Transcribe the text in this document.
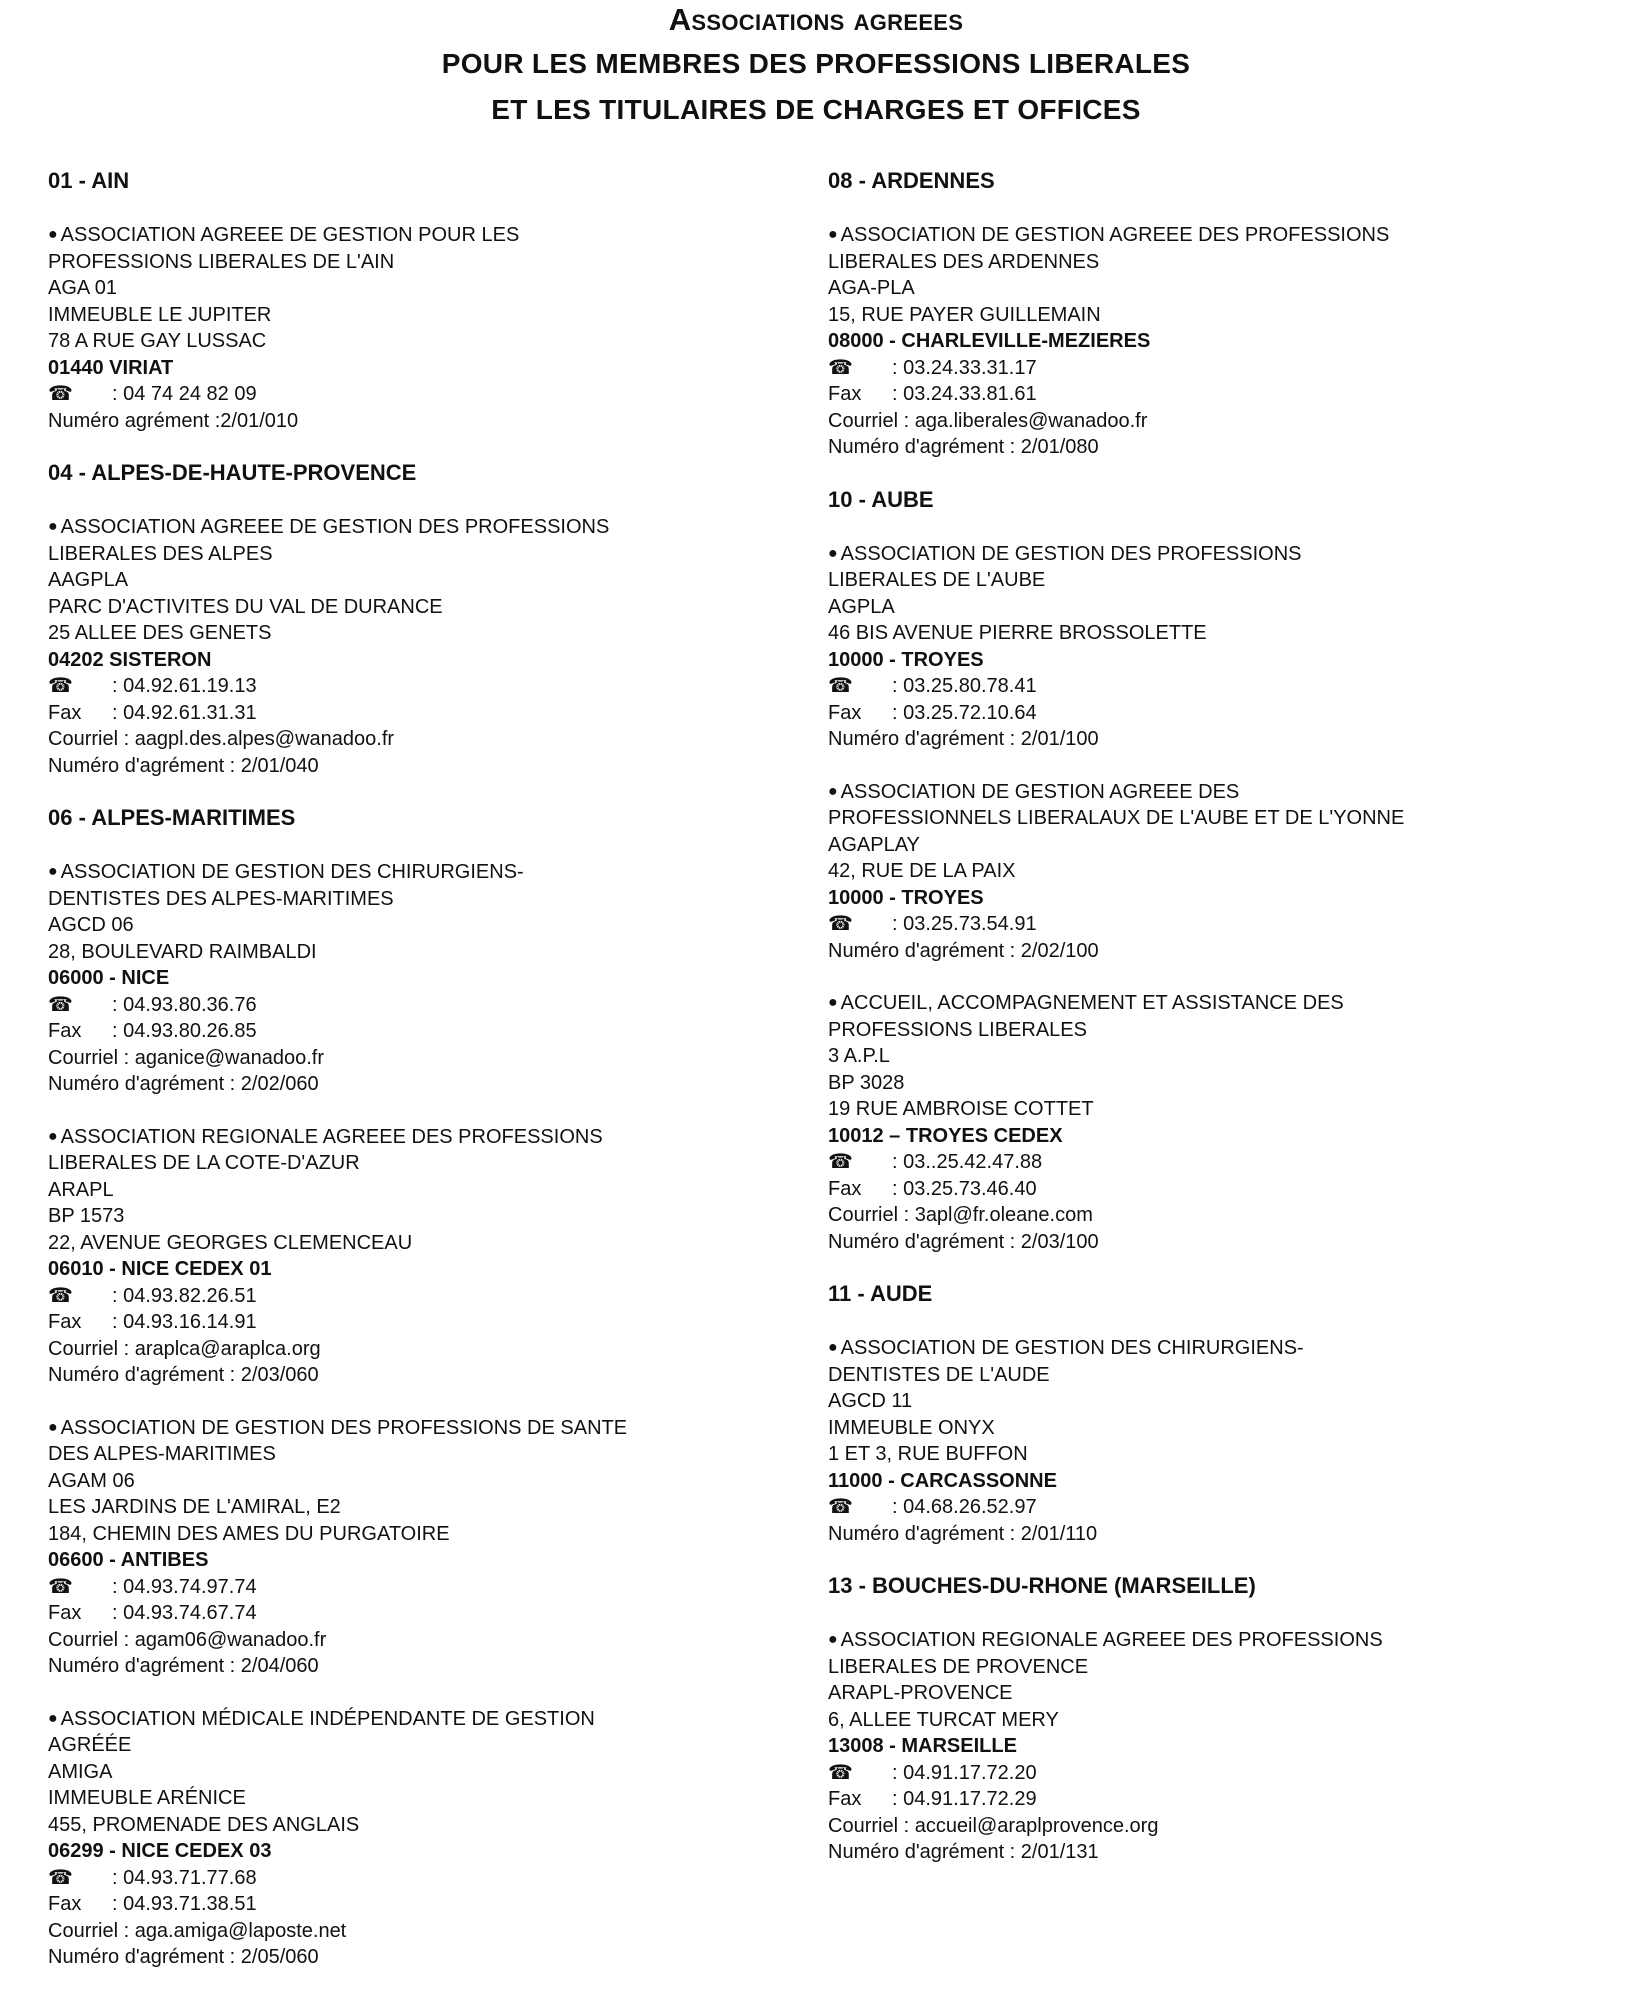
Associations agreees
POUR LES MEMBRES DES PROFESSIONS LIBERALES
ET LES TITULAIRES DE CHARGES ET OFFICES
01 - AIN
● ASSOCIATION AGREEE DE GESTION POUR LES
PROFESSIONS LIBERALES DE L'AIN
AGA 01
IMMEUBLE LE JUPITER
78 A RUE GAY LUSSAC
01440 VIRIAT
☎ : 04 74 24 82 09
Numéro agrément :2/01/010
04 - ALPES-DE-HAUTE-PROVENCE
● ASSOCIATION AGREEE DE GESTION DES PROFESSIONS
LIBERALES DES ALPES
AAGPLA
PARC D'ACTIVITES DU VAL DE DURANCE
25 ALLEE DES GENETS
04202 SISTERON
☎ : 04.92.61.19.13
Fax : 04.92.61.31.31
Courriel : aagpl.des.alpes@wanadoo.fr
Numéro d'agrément : 2/01/040
06 - ALPES-MARITIMES
● ASSOCIATION DE GESTION DES CHIRURGIENS-
DENTISTES DES ALPES-MARITIMES
AGCD 06
28, BOULEVARD RAIMBALDI
06000 - NICE
☎ : 04.93.80.36.76
Fax : 04.93.80.26.85
Courriel : aganice@wanadoo.fr
Numéro d'agrément : 2/02/060
● ASSOCIATION REGIONALE AGREEE DES PROFESSIONS
LIBERALES DE LA COTE-D'AZUR
ARAPL
BP 1573
22, AVENUE GEORGES CLEMENCEAU
06010 - NICE CEDEX 01
☎ : 04.93.82.26.51
Fax : 04.93.16.14.91
Courriel : araplca@araplca.org
Numéro d'agrément : 2/03/060
● ASSOCIATION DE GESTION DES PROFESSIONS DE SANTE
DES ALPES-MARITIMES
AGAM 06
LES JARDINS DE L'AMIRAL, E2
184, CHEMIN DES AMES DU PURGATOIRE
06600 - ANTIBES
☎ : 04.93.74.97.74
Fax : 04.93.74.67.74
Courriel : agam06@wanadoo.fr
Numéro d'agrément : 2/04/060
● ASSOCIATION MÉDICALE INDÉPENDANTE DE GESTION
AGRÉÉE
AMIGA
IMMEUBLE ARÉNICE
455, PROMENADE DES ANGLAIS
06299 - NICE CEDEX 03
☎ : 04.93.71.77.68
Fax : 04.93.71.38.51
Courriel : aga.amiga@laposte.net
Numéro d'agrément : 2/05/060
08 - ARDENNES
● ASSOCIATION DE GESTION AGREEE DES PROFESSIONS
LIBERALES DES ARDENNES
AGA-PLA
15, RUE PAYER GUILLEMAIN
08000 - CHARLEVILLE-MEZIERES
☎ : 03.24.33.31.17
Fax : 03.24.33.81.61
Courriel : aga.liberales@wanadoo.fr
Numéro d'agrément : 2/01/080
10 - AUBE
● ASSOCIATION DE GESTION DES PROFESSIONS
LIBERALES DE L'AUBE
AGPLA
46 BIS AVENUE PIERRE BROSSOLETTE
10000 - TROYES
☎ : 03.25.80.78.41
Fax : 03.25.72.10.64
Numéro d'agrément : 2/01/100
● ASSOCIATION DE GESTION AGREEE DES
PROFESSIONNELS LIBERALAUX DE L'AUBE ET DE L'YONNE
AGAPLAY
42, RUE DE LA PAIX
10000 - TROYES
☎ : 03.25.73.54.91
Numéro d'agrément : 2/02/100
● ACCUEIL, ACCOMPAGNEMENT ET ASSISTANCE DES
PROFESSIONS LIBERALES
3 A.P.L
BP 3028
19 RUE AMBROISE COTTET
10012 – TROYES CEDEX
☎ : 03..25.42.47.88
Fax : 03.25.73.46.40
Courriel : 3apl@fr.oleane.com
Numéro d'agrément : 2/03/100
11 - AUDE
● ASSOCIATION DE GESTION DES CHIRURGIENS-
DENTISTES DE L'AUDE
AGCD 11
IMMEUBLE ONYX
1 ET 3, RUE BUFFON
11000 - CARCASSONNE
☎ : 04.68.26.52.97
Numéro d'agrément : 2/01/110
13 - BOUCHES-DU-RHONE (MARSEILLE)
● ASSOCIATION REGIONALE AGREEE DES PROFESSIONS
LIBERALES DE PROVENCE
ARAPL-PROVENCE
6, ALLEE TURCAT MERY
13008 - MARSEILLE
☎ : 04.91.17.72.20
Fax : 04.91.17.72.29
Courriel : accueil@araplprovence.org
Numéro d'agrément : 2/01/131
